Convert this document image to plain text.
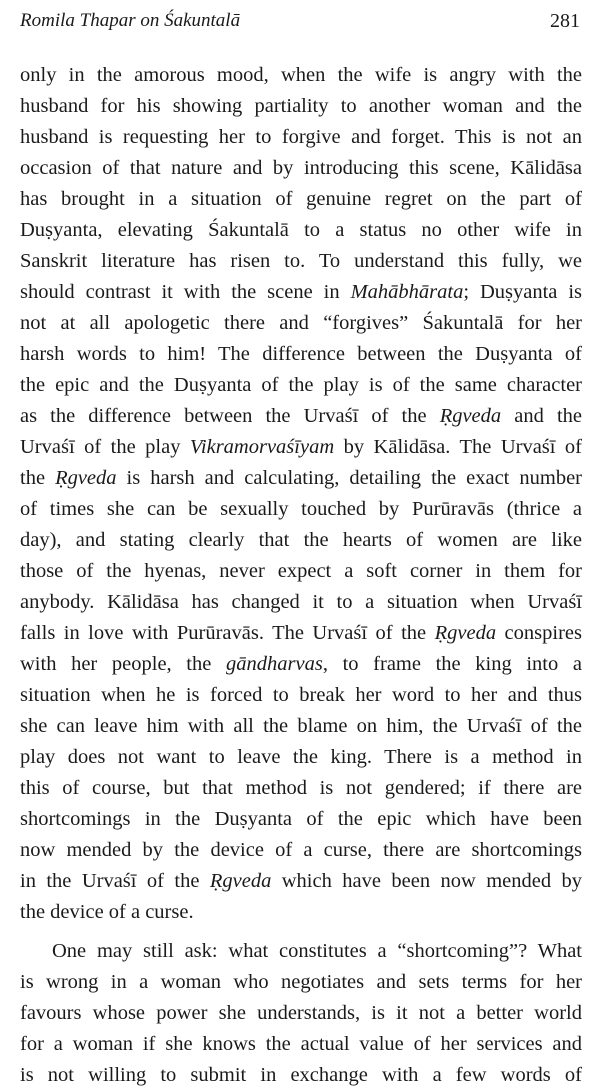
Romila Thapar on Śakuntalā	281
only in the amorous mood, when the wife is angry with the
husband for his showing partiality to another woman and the
husband is requesting her to forgive and forget. This is not an
occasion of that nature and by introducing this scene, Kālidāsa
has brought in a situation of genuine regret on the part of
Duṣyanta, elevating Śakuntalā to a status no other wife in
Sanskrit literature has risen to. To understand this fully, we
should contrast it with the scene in Mahābhārata; Duṣyanta is
not at all apologetic there and “forgives” Śakuntalā for her
harsh words to him! The difference between the Duṣyanta of
the epic and the Duṣyanta of the play is of the same character
as the difference between the Urvaśī of the Ṛgveda and the
Urvaśī of the play Vikramorvaśīyam by Kālidāsa. The Urvaśī of
the Ṛgveda is harsh and calculating, detailing the exact number
of times she can be sexually touched by Purūravās (thrice a
day), and stating clearly that the hearts of women are like
those of the hyenas, never expect a soft corner in them for
anybody. Kālidāsa has changed it to a situation when Urvaśī
falls in love with Purūravās. The Urvaśī of the Ṛgveda conspires
with her people, the gāndharvas, to frame the king into a
situation when he is forced to break her word to her and thus
she can leave him with all the blame on him, the Urvaśī of the
play does not want to leave the king. There is a method in
this of course, but that method is not gendered; if there are
shortcomings in the Duṣyanta of the epic which have been
now mended by the device of a curse, there are shortcomings
in the Urvaśī of the Ṛgveda which have been now mended by
the device of a curse.
One may still ask: what constitutes a “shortcoming”? What
is wrong in a woman who negotiates and sets terms for her
favours whose power she understands, is it not a better world
for a woman if she knows the actual value of her services and
is not willing to submit in exchange with a few words of
